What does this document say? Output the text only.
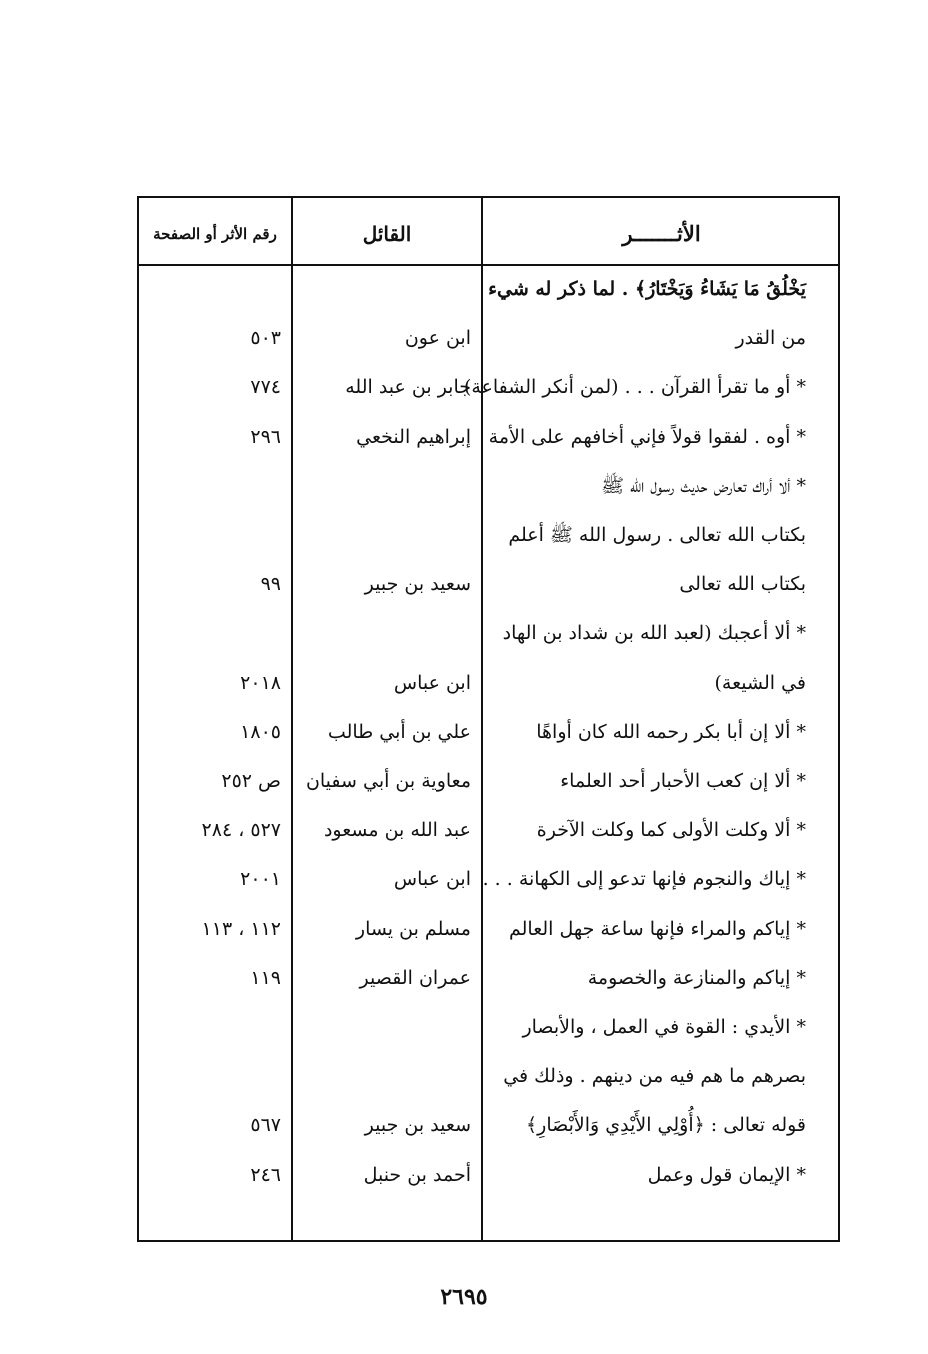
الأثـــــــر
القائل
رقم الأثر أو الصفحة
يَخْلُقُ مَا يَشَاءُ وَيَخْتَارُ﴾ . لما ذكر له شيء
من القدر
ابن عون
٥٠٣
* أو ما تقرأ القرآن . . . (لمن أنكر الشفاعة)
جابر بن عبد الله
٧٧٤
* أوه . لفقوا قولاً فإني أخافهم على الأمة
إبراهيم النخعي
٢٩٦
* ألا أراك تعارض حديث رسول الله ﷺ
بكتاب الله تعالى . رسول الله ﷺ أعلم
بكتاب الله تعالى
سعيد بن جبير
٩٩
* ألا أعجبك (لعبد الله بن شداد بن الهاد
في الشيعة)
ابن عباس
٢٠١٨
* ألا إن أبا بكر رحمه الله كان أواهًا
علي بن أبي طالب
١٨٠٥
* ألا إن كعب الأحبار أحد العلماء
معاوية بن أبي سفيان
ص ٢٥٢
* ألا وكلت الأولى كما وكلت الآخرة
عبد الله بن مسعود
٥٢٧ ، ٢٨٤
* إياك والنجوم فإنها تدعو إلى الكهانة . . .
ابن عباس
٢٠٠١
* إياكم والمراء فإنها ساعة جهل العالم
مسلم بن يسار
١١٢ ، ١١٣
* إياكم والمنازعة والخصومة
عمران القصير
١١٩
* الأيدي : القوة في العمل ، والأبصار
بصرهم ما هم فيه من دينهم . وذلك في
قوله تعالى : ﴿أُوْلِي الأَيْدِي وَالأَبْصَارِ﴾
سعيد بن جبير
٥٦٧
* الإيمان قول وعمل
أحمد بن حنبل
٢٤٦
٢٦٩٥
